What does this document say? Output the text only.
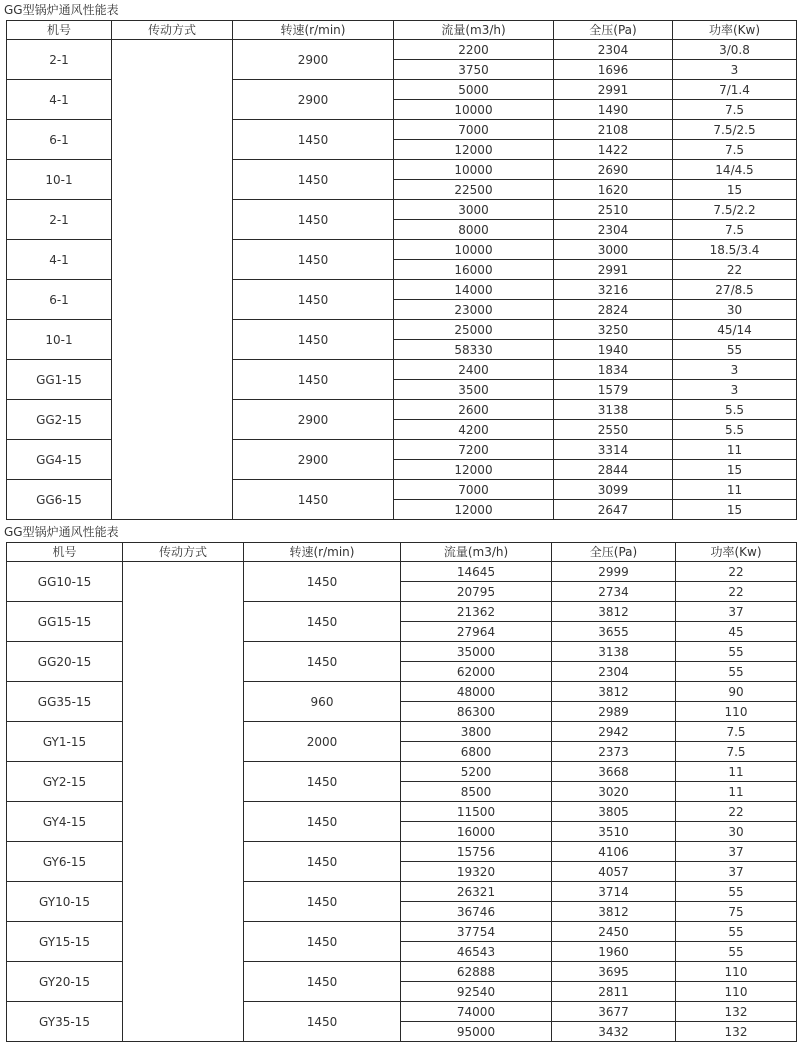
GG型锅炉通风性能表
机号	传动方式	转速(r/min)	流量(m3/h)	全压(Pa)	功率(Kw)
2-1		2900	2200	2304	3/0.8
			3750	1696	3
4-1		2900	5000	2991	7/1.4
			10000	1490	7.5
6-1		1450	7000	2108	7.5/2.5
			12000	1422	7.5
10-1		1450	10000	2690	14/4.5
			22500	1620	15
2-1		1450	3000	2510	7.5/2.2
			8000	2304	7.5
4-1		1450	10000	3000	18.5/3.4
			16000	2991	22
6-1		1450	14000	3216	27/8.5
			23000	2824	30
10-1		1450	25000	3250	45/14
			58330	1940	55
GG1-15		1450	2400	1834	3
			3500	1579	3
GG2-15		2900	2600	3138	5.5
			4200	2550	5.5
GG4-15		2900	7200	3314	11
			12000	2844	15
GG6-15		1450	7000	3099	11
			12000	2647	15
GG型锅炉通风性能表
机号	传动方式	转速(r/min)	流量(m3/h)	全压(Pa)	功率(Kw)
GG10-15		1450	14645	2999	22
			20795	2734	22
GG15-15		1450	21362	3812	37
			27964	3655	45
GG20-15		1450	35000	3138	55
			62000	2304	55
GG35-15		960	48000	3812	90
			86300	2989	110
GY1-15		2000	3800	2942	7.5
			6800	2373	7.5
GY2-15		1450	5200	3668	11
			8500	3020	11
GY4-15		1450	11500	3805	22
			16000	3510	30
GY6-15		1450	15756	4106	37
			19320	4057	37
GY10-15		1450	26321	3714	55
			36746	3812	75
GY15-15		1450	37754	2450	55
			46543	1960	55
GY20-15		1450	62888	3695	110
			92540	2811	110
GY35-15		1450	74000	3677	132
			95000	3432	132
